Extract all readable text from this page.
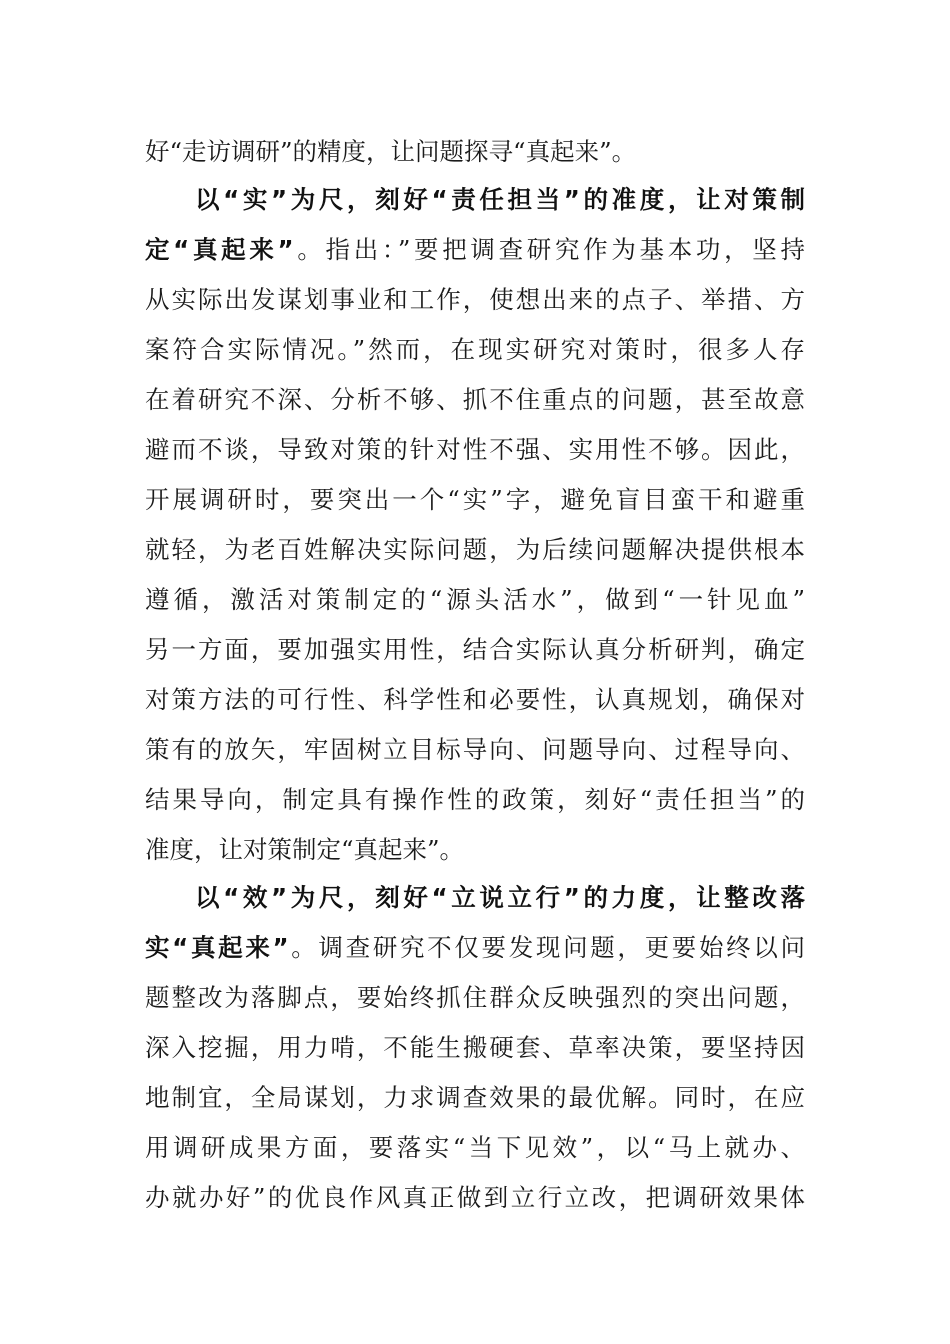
好“走访调研”的精度，让问题探寻“真起来”。
以“实”为尺，刻好“责任担当”的准度，让对策制
定“真起来”。指出：”要把调查研究作为基本功，坚持
从实际出发谋划事业和工作，使想出来的点子、举措、方
案符合实际情况。”然而，在现实研究对策时，很多人存
在着研究不深、分析不够、抓不住重点的问题，甚至故意
避而不谈，导致对策的针对性不强、实用性不够。因此，
开展调研时，要突出一个“实”字，避免盲目蛮干和避重
就轻，为老百姓解决实际问题，为后续问题解决提供根本
遵循，激活对策制定的“源头活水”，做到“一针见血”
另一方面，要加强实用性，结合实际认真分析研判，确定
对策方法的可行性、科学性和必要性，认真规划，确保对
策有的放矢，牢固树立目标导向、问题导向、过程导向、
结果导向，制定具有操作性的政策，刻好“责任担当”的
准度，让对策制定“真起来”。
以“效”为尺，刻好“立说立行”的力度，让整改落
实“真起来”。调查研究不仅要发现问题，更要始终以问
题整改为落脚点，要始终抓住群众反映强烈的突出问题，
深入挖掘，用力啃，不能生搬硬套、草率决策，要坚持因
地制宜，全局谋划，力求调查效果的最优解。同时，在应
用调研成果方面，要落实“当下见效”，以“马上就办、
办就办好”的优良作风真正做到立行立改，把调研效果体
